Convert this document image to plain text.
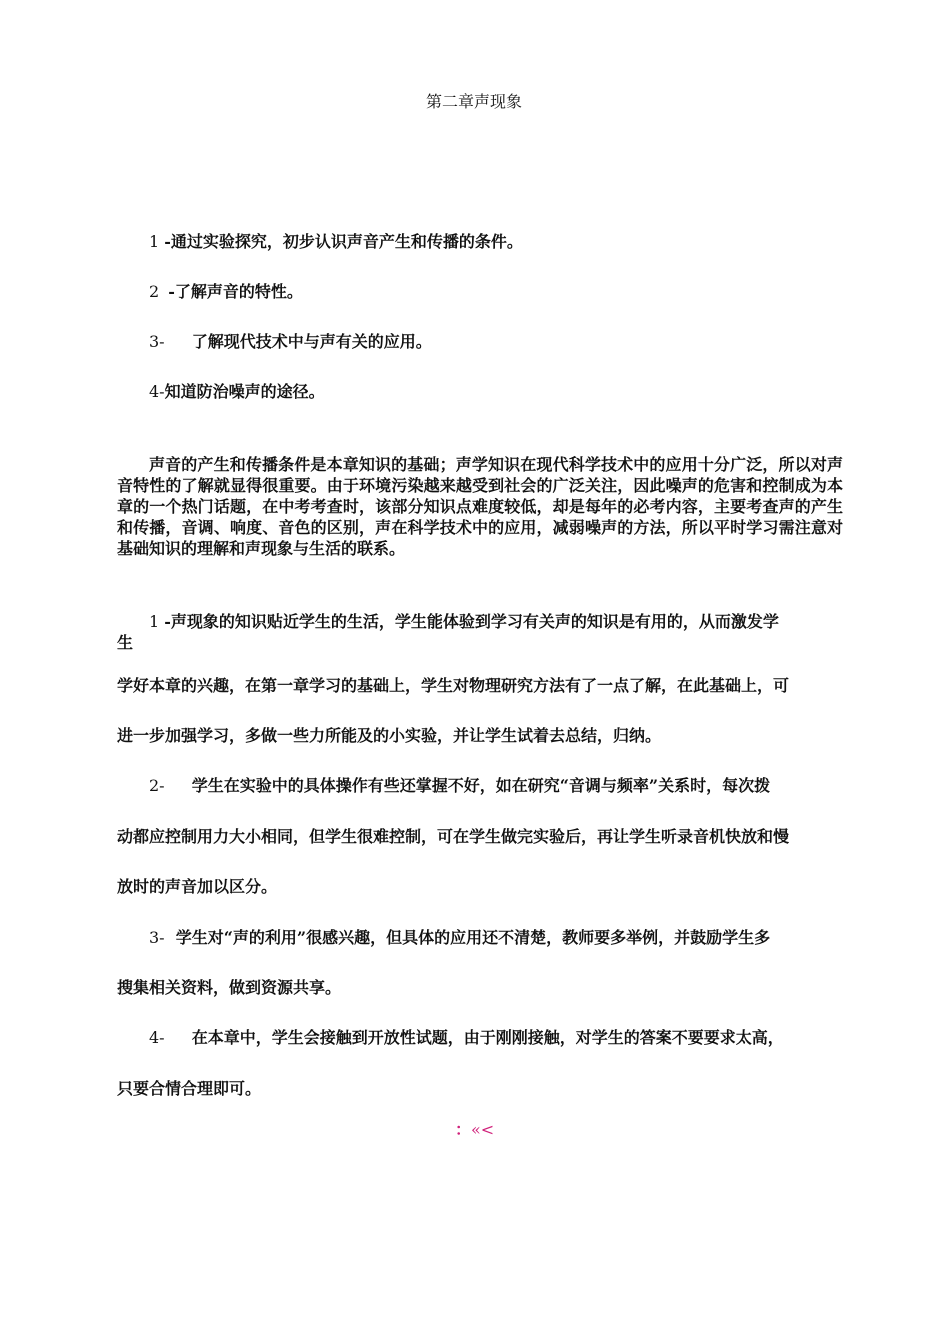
第二章声现象
1 -通过实验探究，初步认识声音产生和传播的条件。
2 -了解声音的特性。
3- 了解现代技术中与声有关的应用。
4-知道防治噪声的途径。
声音的产生和传播条件是本章知识的基础；声学知识在现代科学技术中的应用十分广泛，所以对声音特性的了解就显得很重要。由于环境污染越来越受到社会的广泛关注，因此噪声的危害和控制成为本章的一个热门话题，在中考考查时，该部分知识点难度较低，却是每年的必考内容，主要考查声的产生和传播，音调、响度、音色的区别，声在科学技术中的应用，减弱噪声的方法，所以平时学习需注意对基础知识的理解和声现象与生活的联系。
1 -声现象的知识贴近学生的生活，学生能体验到学习有关声的知识是有用的，从而激发学
生
学好本章的兴趣，在第一章学习的基础上，学生对物理研究方法有了一点了解，在此基础上，可
进一步加强学习，多做一些力所能及的小实验，并让学生试着去总结，归纳。
2- 学生在实验中的具体操作有些还掌握不好，如在研究“音调与频率”关系时，每次拨
动都应控制用力大小相同，但学生很难控制，可在学生做完实验后，再让学生听录音机快放和慢
放时的声音加以区分。
3- 学生对“声的利用”很感兴趣，但具体的应用还不清楚，教师要多举例，并鼓励学生多
搜集相关资料，做到资源共享。
4- 在本章中，学生会接触到开放性试题，由于刚刚接触，对学生的答案不要要求太高，
只要合情合理即可。
：«<
